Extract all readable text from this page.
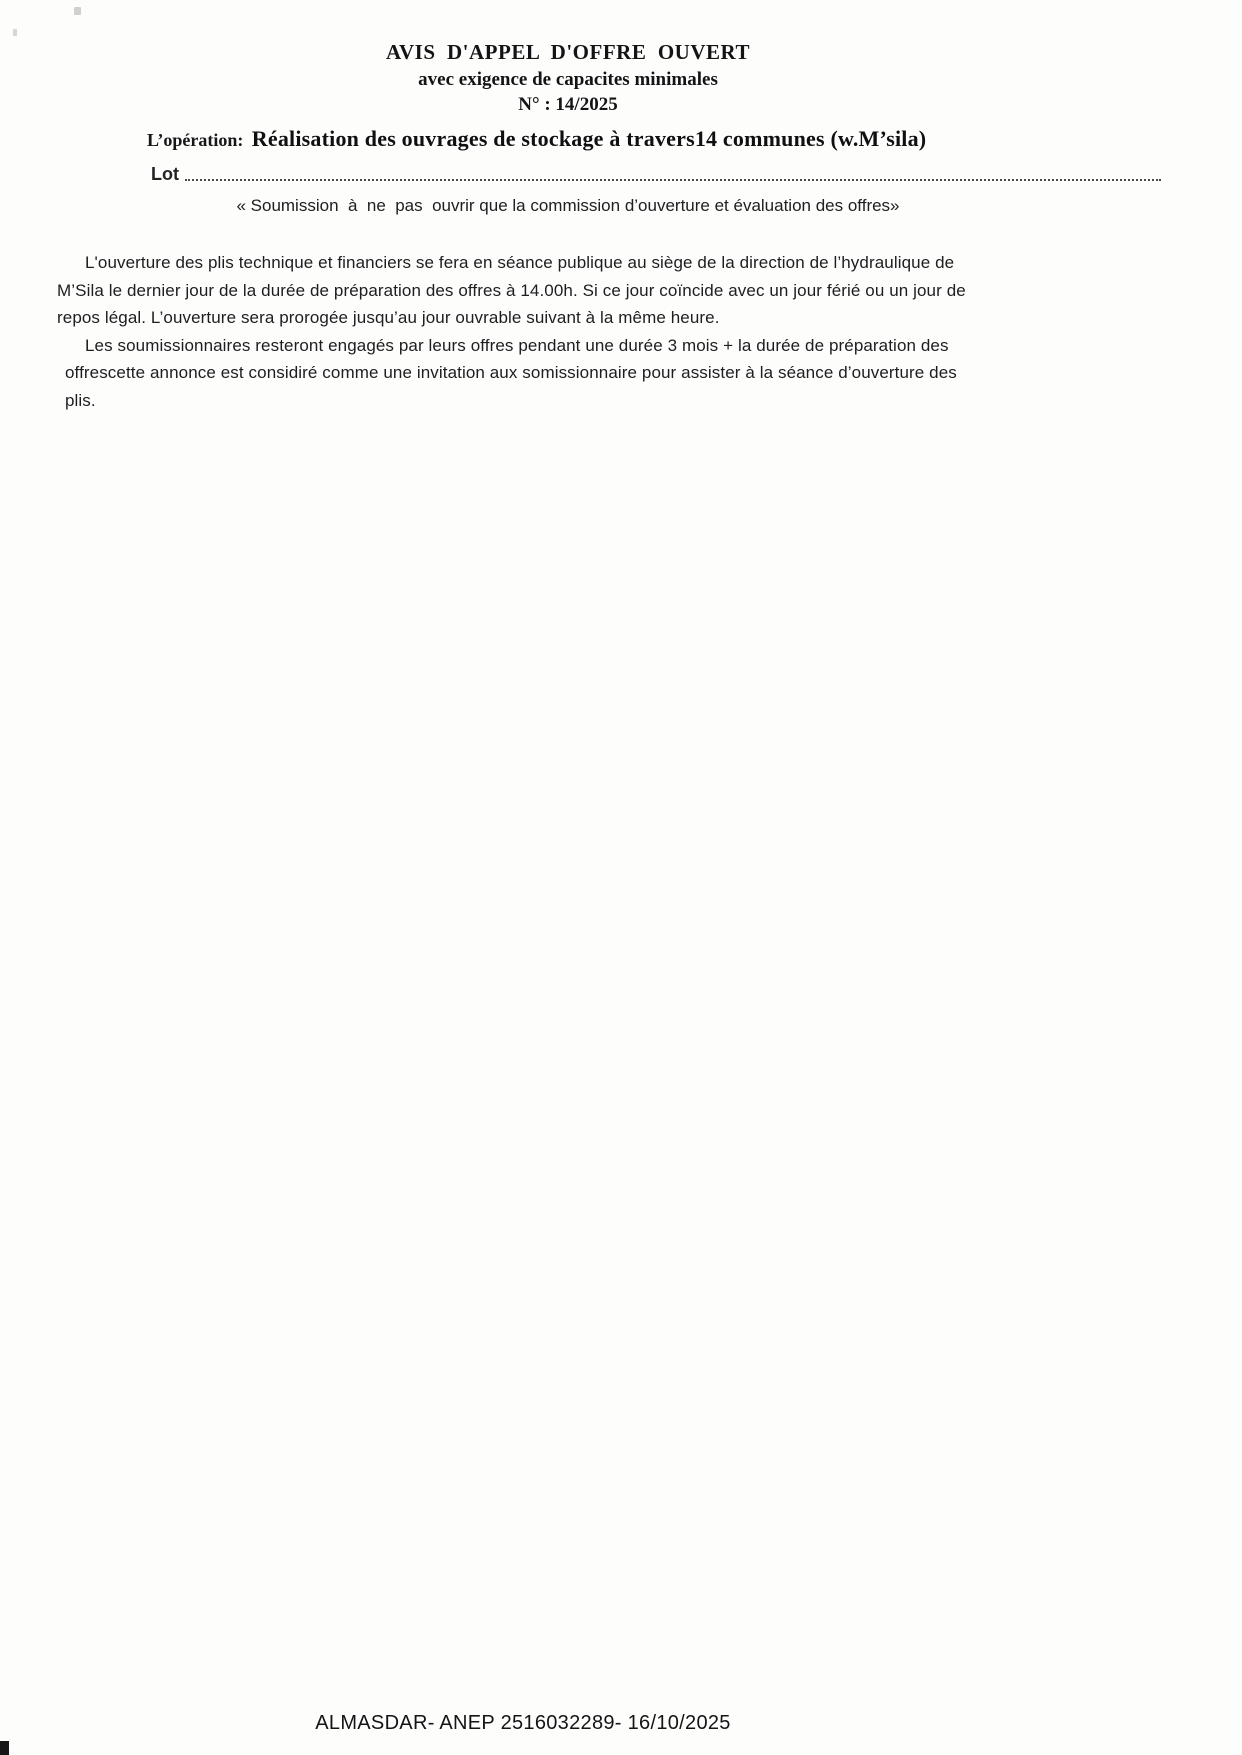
AVIS  D'APPEL  D'OFFRE  OUVERT
avec exigence de capacites minimales
N° : 14/2025
L’opération: Réalisation des ouvrages de stockage à travers14 communes (w.M’sila)
Lot
« Soumission  à  ne  pas  ouvrir que la commission d’ouverture et évaluation des offres»
L'ouverture des plis technique et financiers se fera en séance publique au siège de la direction de l’hydraulique de
M’Sila le dernier jour de la durée de préparation des offres à 14.00h. Si ce jour coïncide avec un jour férié ou un jour de
repos légal. L’ouverture sera prorogée jusqu’au jour ouvrable suivant à la même heure.
Les soumissionnaires resteront engagés par leurs offres pendant une durée 3 mois + la durée de préparation des
offrescette annonce est considiré comme une invitation aux somissionnaire pour assister à la séance d’ouverture des
plis.
ALMASDAR- ANEP 2516032289- 16/10/2025
